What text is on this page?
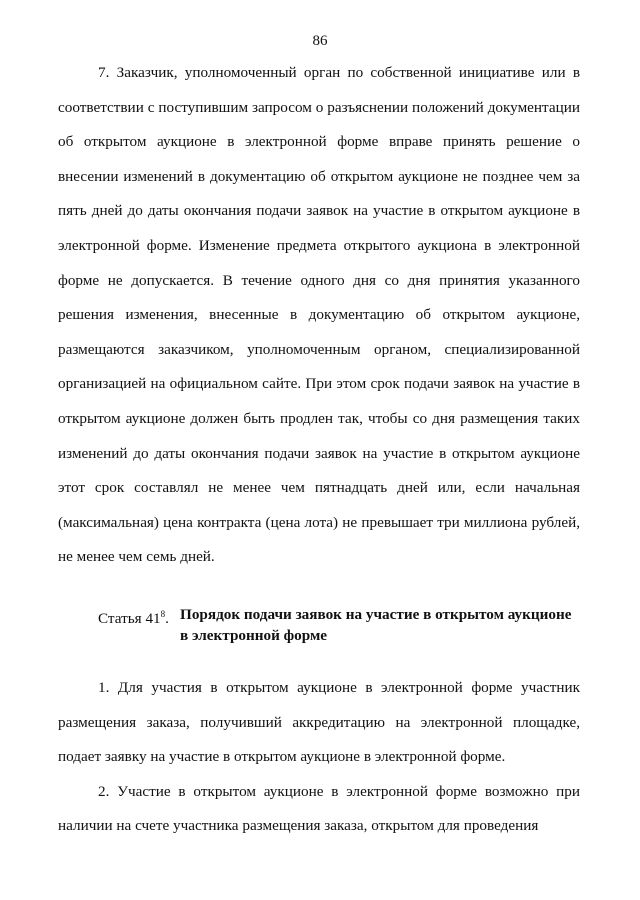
86

7. Заказчик, уполномоченный орган по собственной инициативе или в соответствии с поступившим запросом о разъяснении положений документации об открытом аукционе в электронной форме вправе принять решение о внесении изменений в документацию об открытом аукционе не позднее чем за пять дней до даты окончания подачи заявок на участие в открытом аукционе в электронной форме. Изменение предмета открытого аукциона в электронной форме не допускается. В течение одного дня со дня принятия указанного решения изменения, внесенные в документацию об открытом аукционе, размещаются заказчиком, уполномоченным органом, специализированной организацией на официальном сайте. При этом срок подачи заявок на участие в открытом аукционе должен быть продлен так, чтобы со дня размещения таких изменений до даты окончания подачи заявок на участие в открытом аукционе этот срок составлял не менее чем пятнадцать дней или, если начальная (максимальная) цена контракта (цена лота) не превышает три миллиона рублей, не менее чем семь дней.

Статья $41^8$. Порядок подачи заявок на участие в открытом аукционе в электронной форме

1. Для участия в открытом аукционе в электронной форме участник размещения заказа, получивший аккредитацию на электронной площадке, подает заявку на участие в открытом аукционе в электронной форме.

2. Участие в открытом аукционе в электронной форме возможно при наличии на счете участника размещения заказа, открытом для проведения
